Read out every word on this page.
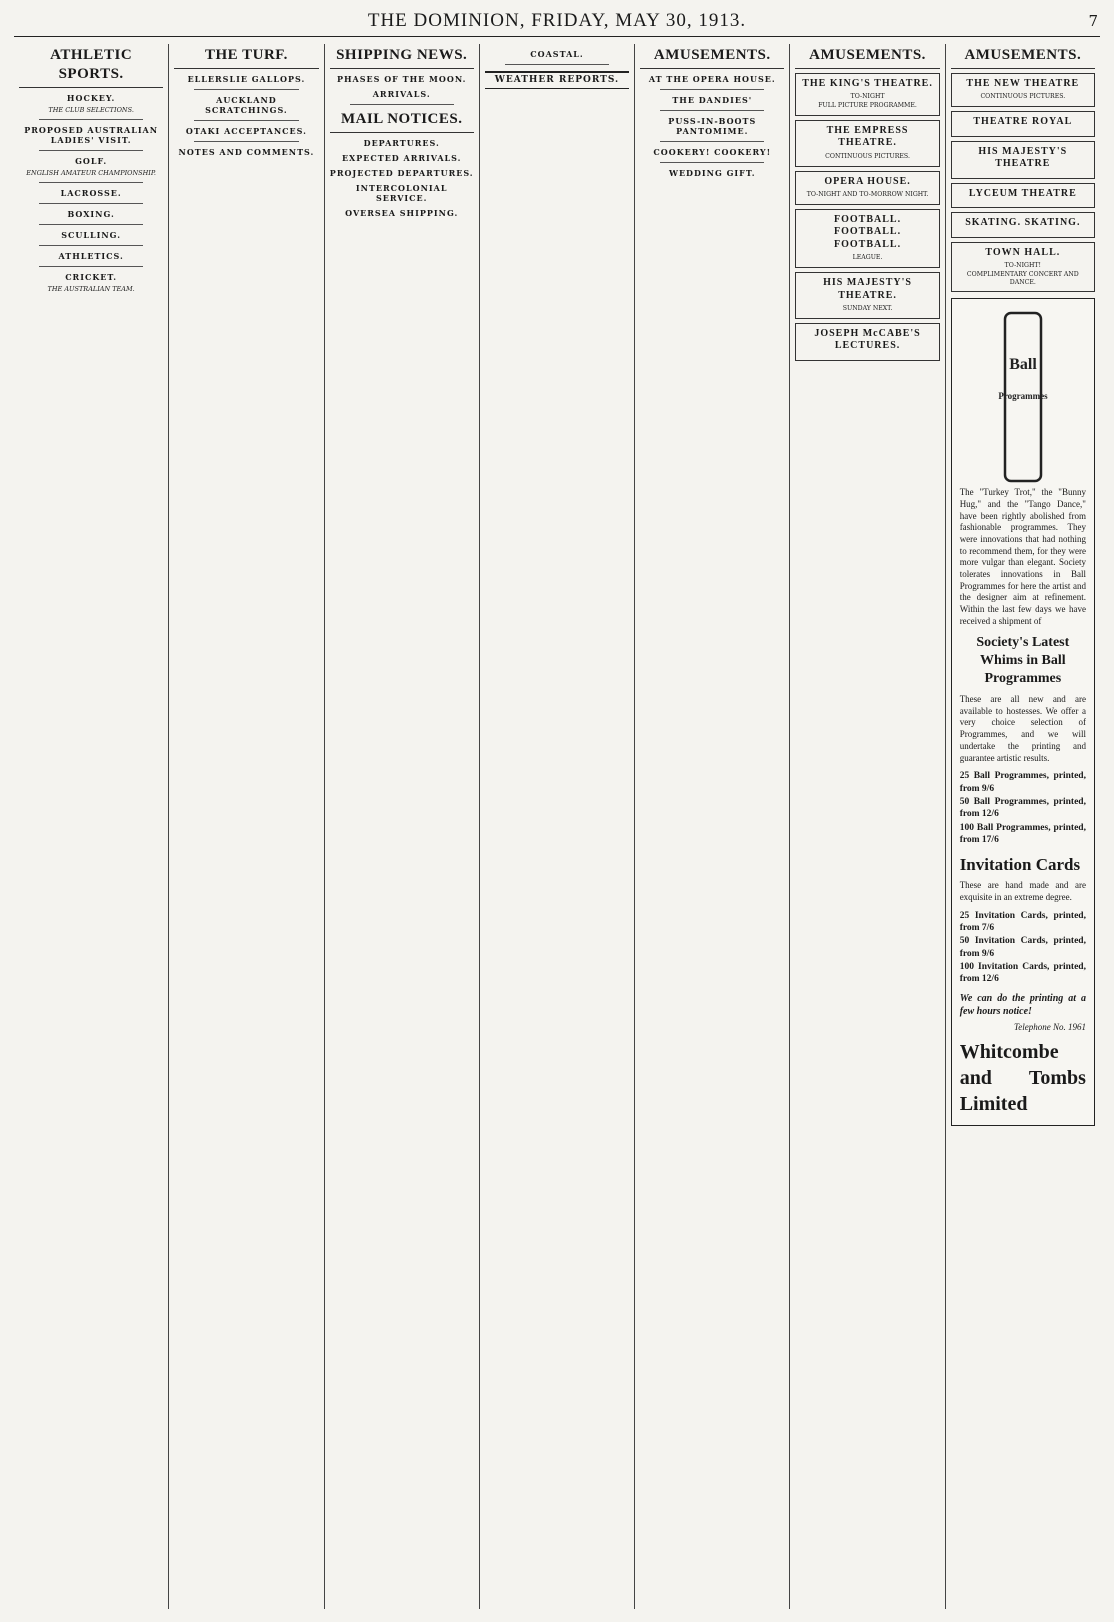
THE DOMINION, FRIDAY, MAY 30, 1913.	7
ATHLETIC SPORTS.
HOCKEY.
THE CLUB SELECTIONS.
PROPOSED AUSTRALIAN LADIES' VISIT.
GOLF.
ENGLISH AMATEUR CHAMPIONSHIP.
LACROSSE.
BOXING.
SCULLING.
ATHLETICS.
CRICKET.
THE AUSTRALIAN TEAM.
THE TURF.
ELLERSLIE GALLOPS.
AUCKLAND SCRATCHINGS.
OTAKI ACCEPTANCES.
NOTES AND COMMENTS.
SHIPPING NEWS.
PHASES OF THE MOON.
ARRIVALS.
MAIL NOTICES.
DEPARTURES.
EXPECTED ARRIVALS.
PROJECTED DEPARTURES.
INTERCOLONIAL SERVICE.
OVERSEA SHIPPING.
COASTAL.
WEATHER REPORTS.
AMUSEMENTS.
AT THE OPERA HOUSE.
THE DANDIES'
PUSS-IN-BOOTS PANTOMIME.
COOKERY! COOKERY!
WEDDING GIFT.
AMUSEMENTS.
THE KING'S THEATRE.
TO-NIGHT
FULL PICTURE PROGRAMME.
THE EMPRESS THEATRE.
CONTINUOUS PICTURES.
OPERA HOUSE.
TO-NIGHT AND TO-MORROW NIGHT.
FOOTBALL. FOOTBALL. FOOTBALL.
LEAGUE.
HIS MAJESTY'S THEATRE.
SUNDAY NEXT.
JOSEPH McCABE'S LECTURES.
AMUSEMENTS.
THE NEW THEATRE
CONTINUOUS PICTURES.
THEATRE ROYAL
HIS MAJESTY'S THEATRE
LYCEUM THEATRE
SKATING. SKATING.
TOWN HALL.
TO-NIGHT!
COMPLIMENTARY CONCERT AND DANCE.
Ball
Programmes
The "Turkey Trot," the "Bunny Hug," and the "Tango Dance," have been rightly abolished from fashionable programmes. They were innovations that had nothing to recommend them, for they were more vulgar than elegant. Society tolerates innovations in Ball Programmes for here the artist and the designer aim at refinement. Within the last few days we have received a shipment of
Society's Latest Whims in Ball Programmes
These are all new and are available to hostesses. We offer a very choice selection of Programmes, and we will undertake the printing and guarantee artistic results.
25 Ball Programmes, printed, from 9/6
50 Ball Programmes, printed, from 12/6
100 Ball Programmes, printed, from 17/6
Invitation Cards
These are hand made and are exquisite in an extreme degree.
25 Invitation Cards, printed, from 7/6
50 Invitation Cards, printed, from 9/6
100 Invitation Cards, printed, from 12/6
We can do the printing at a few hours notice!
Telephone No. 1961
Whitcombe and Tombs Limited
